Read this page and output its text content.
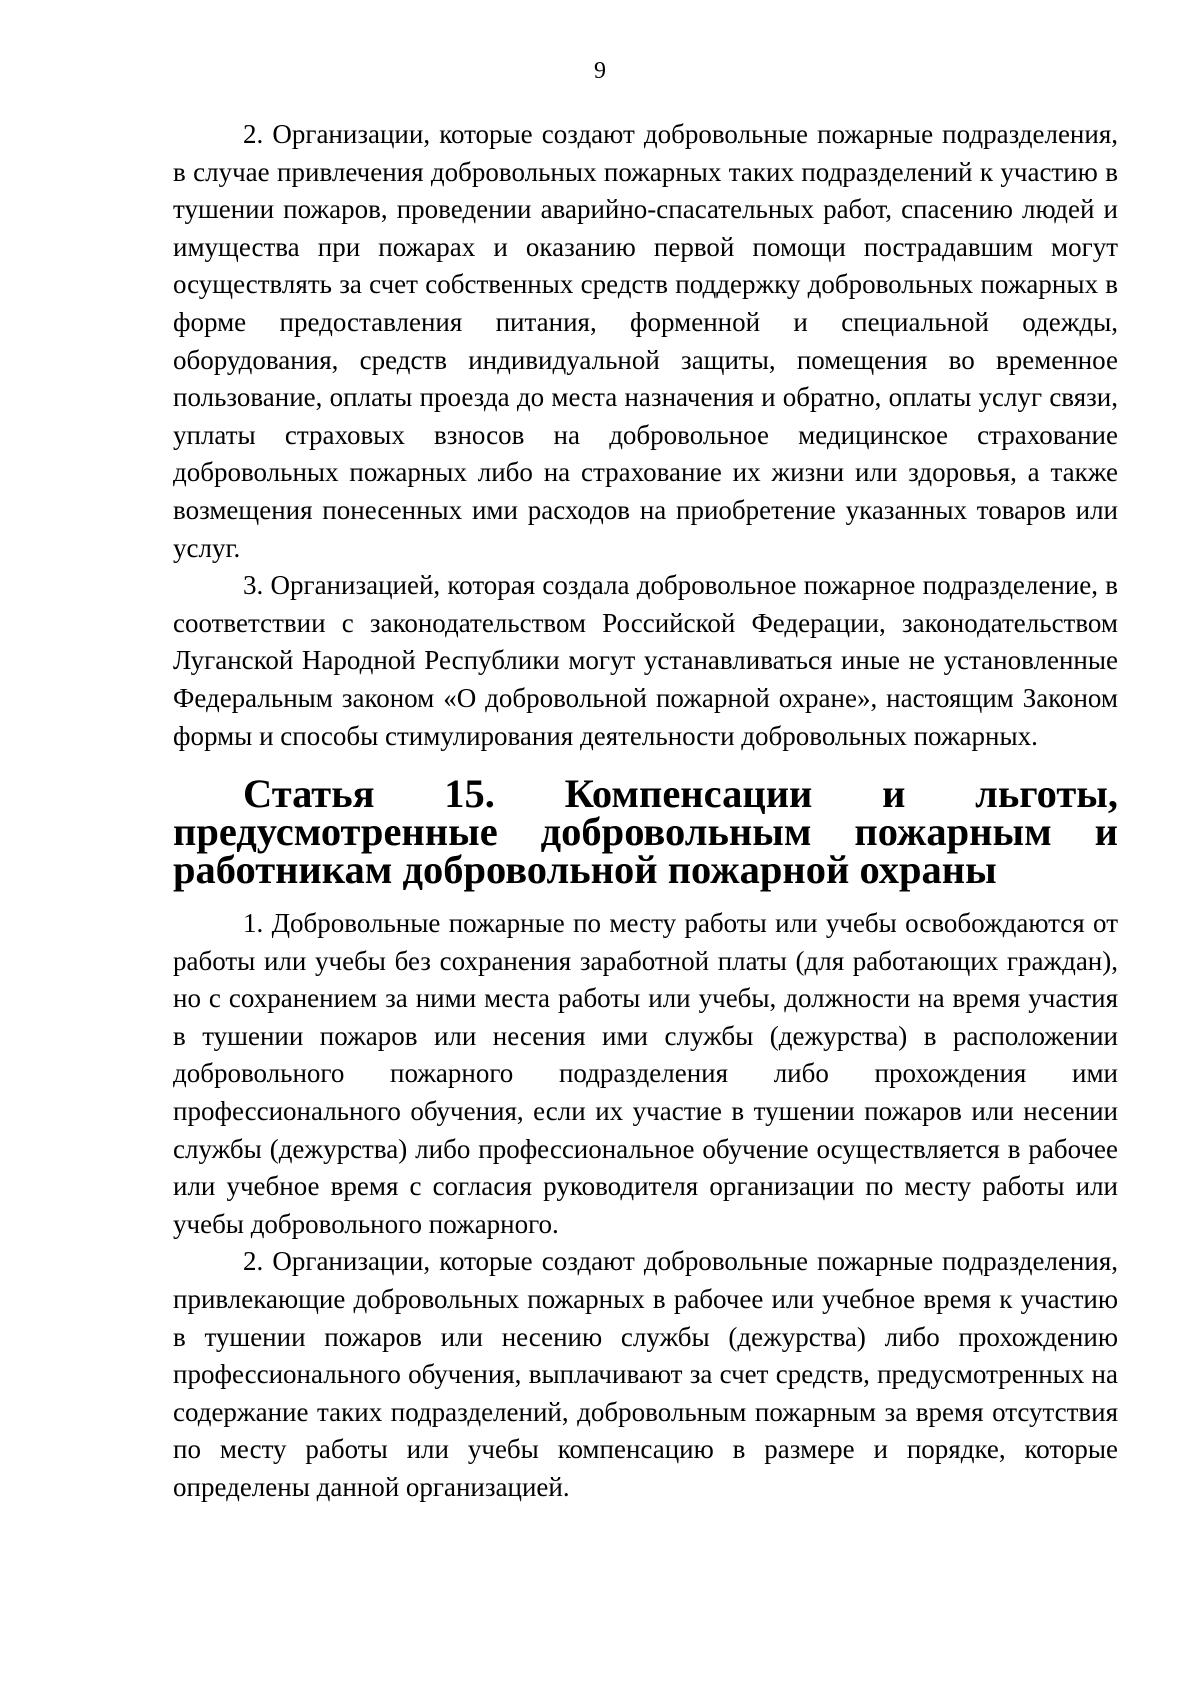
9

2. Организации, которые создают добровольные пожарные подразделения, в случае привлечения добровольных пожарных таких подразделений к участию в тушении пожаров, проведении аварийно-спасательных работ, спасению людей и имущества при пожарах и оказанию первой помощи пострадавшим могут осуществлять за счет собственных средств поддержку добровольных пожарных в форме предоставления питания, форменной и специальной одежды, оборудования, средств индивидуальной защиты, помещения во временное пользование, оплаты проезда до места назначения и обратно, оплаты услуг связи, уплаты страховых взносов на добровольное медицинское страхование добровольных пожарных либо на страхование их жизни или здоровья, а также возмещения понесенных ими расходов на приобретение указанных товаров или услуг.

3. Организацией, которая создала добровольное пожарное подразделение, в соответствии с законодательством Российской Федерации, законодательством Луганской Народной Республики могут устанавливаться иные не установленные Федеральным законом «О добровольной пожарной охране», настоящим Законом формы и способы стимулирования деятельности добровольных пожарных.

Статья 15. Компенсации и льготы, предусмотренные добровольным пожарным и работникам добровольной пожарной охраны

1. Добровольные пожарные по месту работы или учебы освобождаются от работы или учебы без сохранения заработной платы (для работающих граждан), но с сохранением за ними места работы или учебы, должности на время участия в тушении пожаров или несения ими службы (дежурства) в расположении добровольного пожарного подразделения либо прохождения ими профессионального обучения, если их участие в тушении пожаров или несении службы (дежурства) либо профессиональное обучение осуществляется в рабочее или учебное время с согласия руководителя организации по месту работы или учебы добровольного пожарного.

2. Организации, которые создают добровольные пожарные подразделения, привлекающие добровольных пожарных в рабочее или учебное время к участию в тушении пожаров или несению службы (дежурства) либо прохождению профессионального обучения, выплачивают за счет средств, предусмотренных на содержание таких подразделений, добровольным пожарным за время отсутствия по месту работы или учебы компенсацию в размере и порядке, которые определены данной организацией.
